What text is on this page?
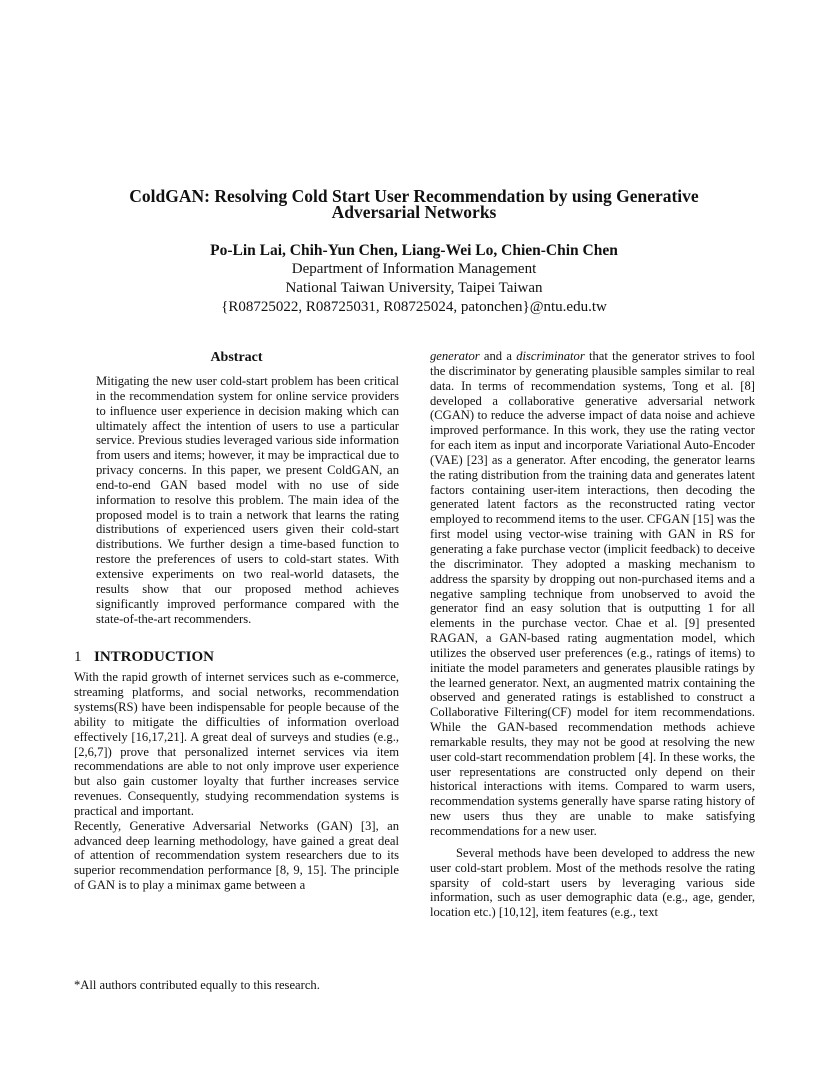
ColdGAN: Resolving Cold Start User Recommendation by using Generative
Adversarial Networks
Po-Lin Lai, Chih-Yun Chen, Liang-Wei Lo, Chien-Chin Chen
Department of Information Management
National Taiwan University, Taipei Taiwan
{R08725022, R08725031, R08725024, patonchen}@ntu.edu.tw
Abstract

Mitigating the new user cold-start problem has been critical in the recommendation system for online service providers to influence user experience in decision making which can ultimately affect the intention of users to use a particular service. Previous studies leveraged various side information from users and items; however, it may be impractical due to privacy concerns. In this paper, we present ColdGAN, an end-to-end GAN based model with no use of side information to resolve this problem. The main idea of the proposed model is to train a network that learns the rating distributions of experienced users given their cold-start distributions. We further design a time-based function to restore the preferences of users to cold-start states. With extensive experiments on two real-world datasets, the results show that our proposed method achieves significantly improved performance compared with the state-of-the-art recommenders.

1 INTRODUCTION

With the rapid growth of internet services such as e-commerce, streaming platforms, and social networks, recommendation systems(RS) have been indispensable for people because of the ability to mitigate the difficulties of information overload effectively [16,17,21]. A great deal of surveys and studies (e.g., [2,6,7]) prove that personalized internet services via item recommendations are able to not only improve user experience but also gain customer loyalty that further increases service revenues. Consequently, studying recommendation systems is practical and important.

Recently, Generative Adversarial Networks (GAN) [3], an advanced deep learning methodology, have gained a great deal of attention of recommendation system researchers due to its superior recommendation performance [8, 9, 15]. The principle of GAN is to play a minimax game between a

generator and a discriminator that the generator strives to fool the discriminator by generating plausible samples similar to real data. In terms of recommendation systems, Tong et al. [8] developed a collaborative generative adversarial network (CGAN) to reduce the adverse impact of data noise and achieve improved performance. In this work, they use the rating vector for each item as input and incorporate Variational Auto-Encoder (VAE) [23] as a generator. After encoding, the generator learns the rating distribution from the training data and generates latent factors containing user-item interactions, then decoding the generated latent factors as the reconstructed rating vector employed to recommend items to the user. CFGAN [15] was the first model using vector-wise training with GAN in RS for generating a fake purchase vector (implicit feedback) to deceive the discriminator. They adopted a masking mechanism to address the sparsity by dropping out non-purchased items and a negative sampling technique from unobserved to avoid the generator find an easy solution that is outputting 1 for all elements in the purchase vector. Chae et al. [9] presented RAGAN, a GAN-based rating augmentation model, which utilizes the observed user preferences (e.g., ratings of items) to initiate the model parameters and generates plausible ratings by the learned generator. Next, an augmented matrix containing the observed and generated ratings is established to construct a Collaborative Filtering(CF) model for item recommendations. While the GAN-based recommendation methods achieve remarkable results, they may not be good at resolving the new user cold-start recommendation problem [4]. In these works, the user representations are constructed only depend on their historical interactions with items. Compared to warm users, recommendation systems generally have sparse rating history of new users thus they are unable to make satisfying recommendations for a new user.

Several methods have been developed to address the new user cold-start problem. Most of the methods resolve the rating sparsity of cold-start users by leveraging various side information, such as user demographic data (e.g., age, gender, location etc.) [10,12], item features (e.g., text

*All authors contributed equally to this research.
